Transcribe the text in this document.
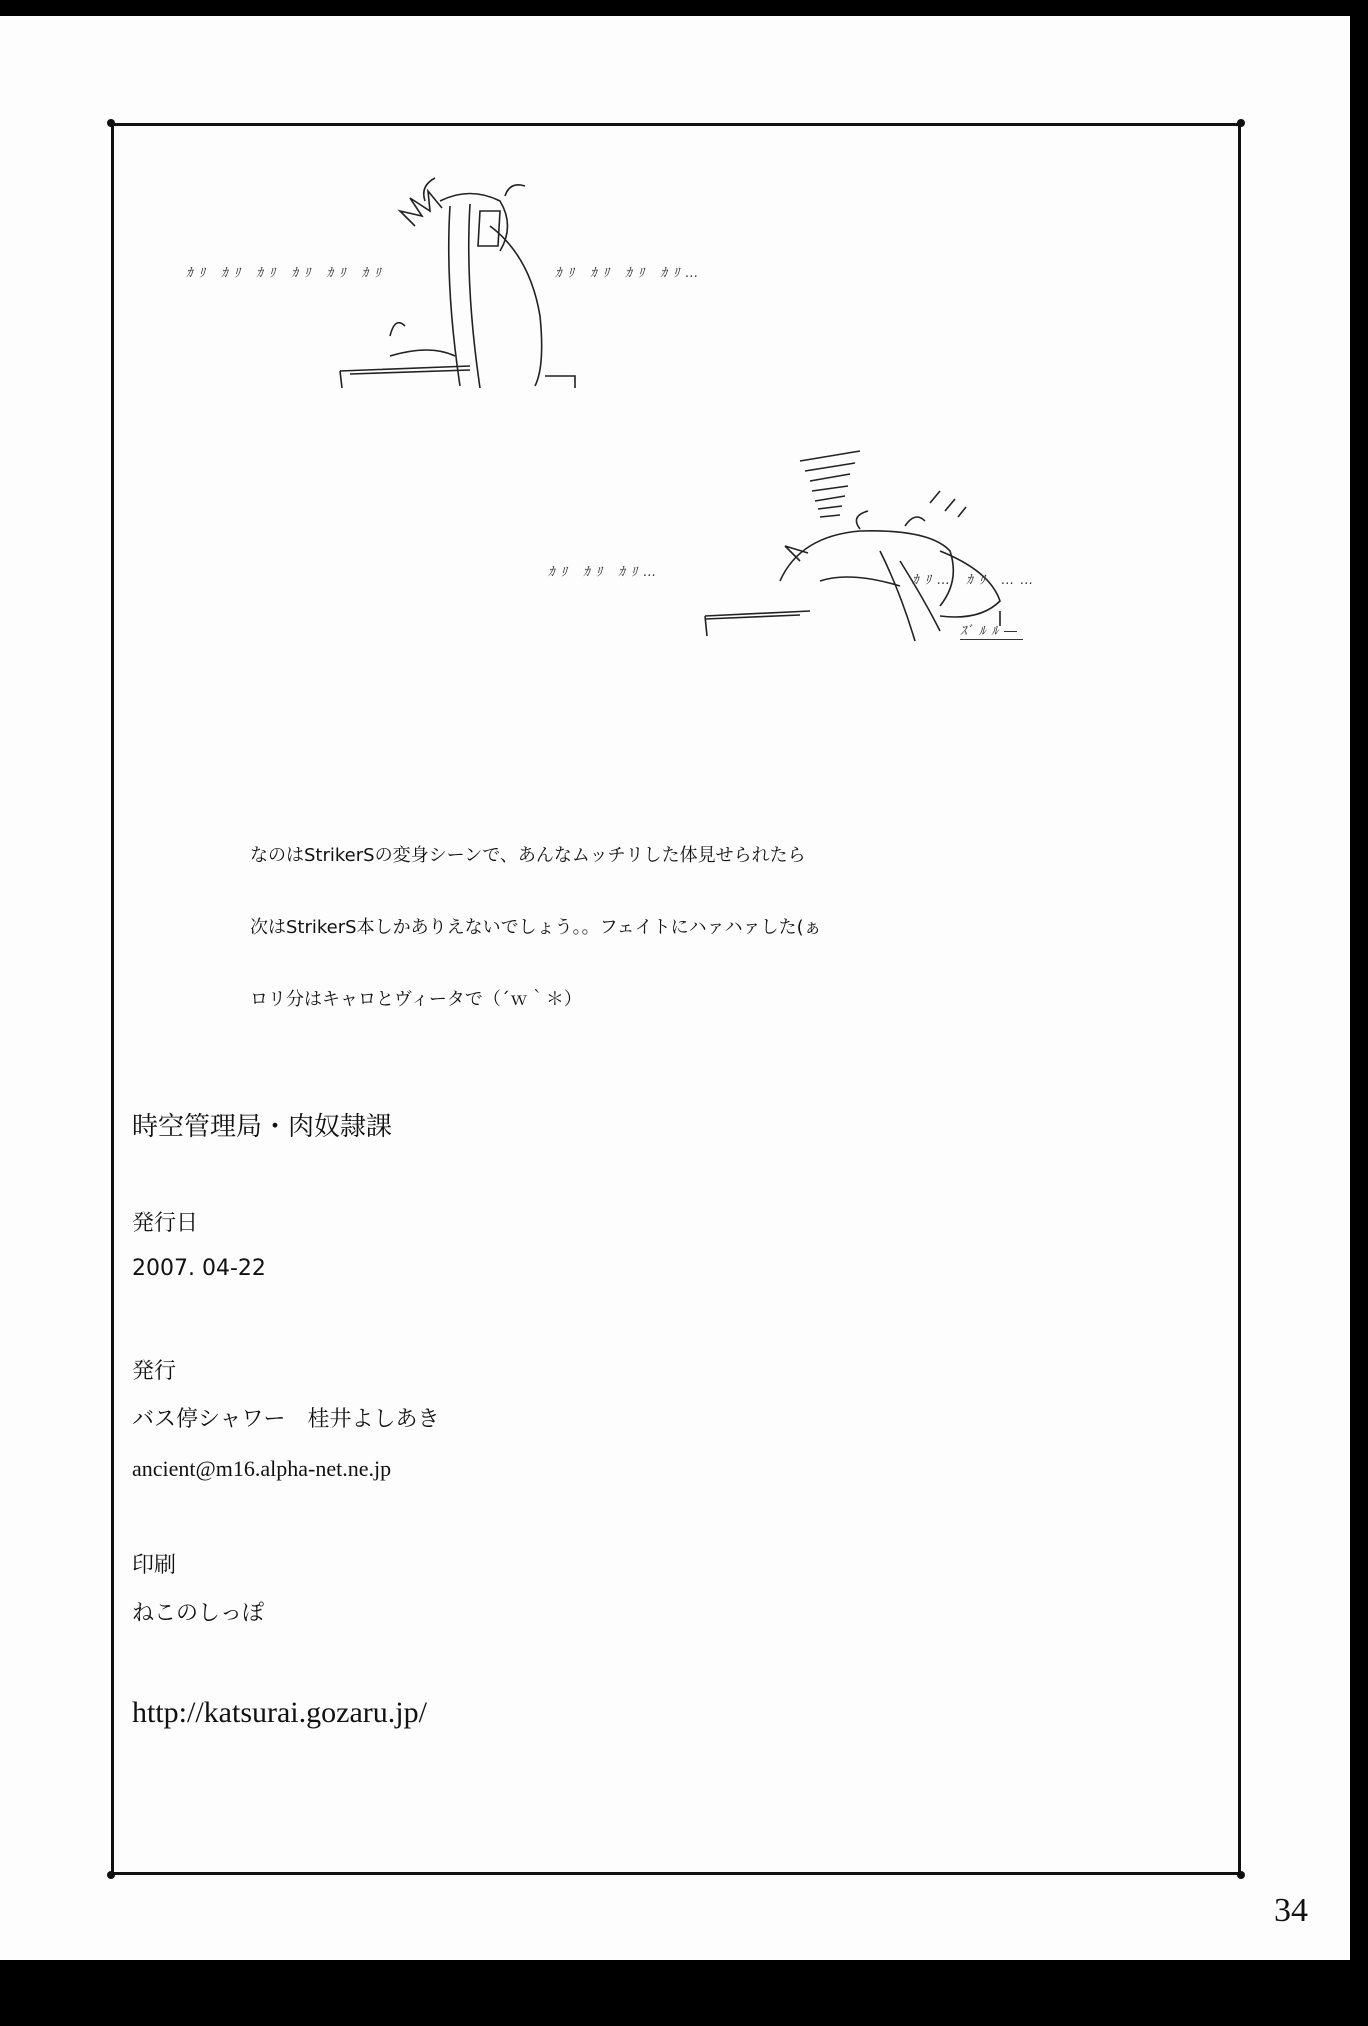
ｶﾘ ｶﾘ ｶﾘ ｶﾘ ｶﾘ ｶﾘ	ｶﾘ ｶﾘ ｶﾘ ｶﾘ…
ｶﾘ ｶﾘ ｶﾘ…
ｶﾘ… ｶﾘ ……
ｽﾞﾙﾙ―

なのはStrikerSの変身シーンで、あんなムッチリした体見せられたら

次はStrikerS本しかありえないでしょう。。フェイトにハァハァした(ぁ

ロリ分はキャロとヴィータで（´ｗ｀＊）

時空管理局・肉奴隷課
発行日
2007. 04-22
発行
バス停シャワー　桂井よしあき
ancient@m16.alpha-net.ne.jp
印刷
ねこのしっぽ
http://katsurai.gozaru.jp/
34
